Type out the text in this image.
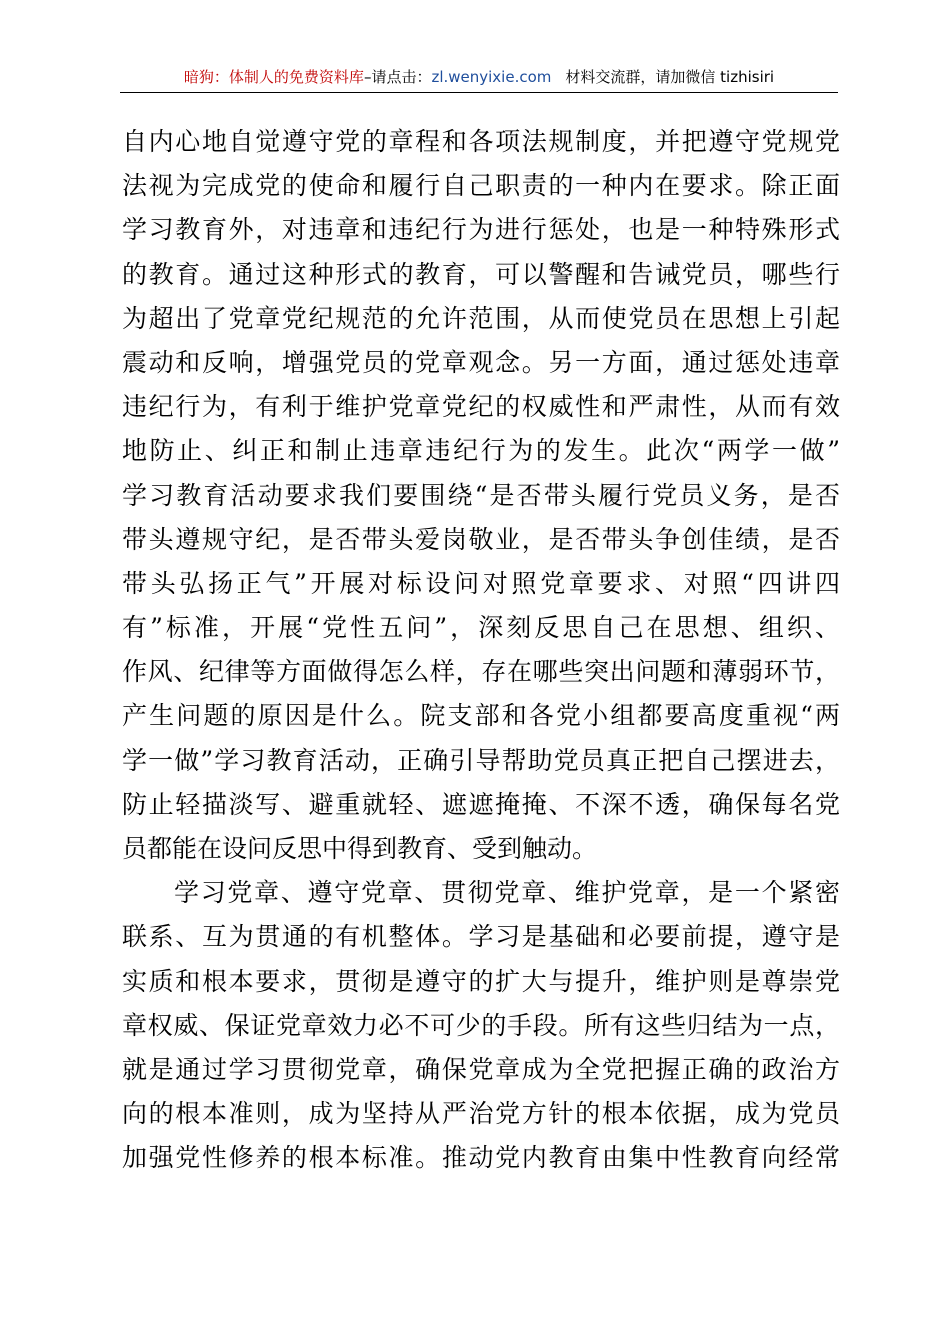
暗狗：体制人的免费资料库–请点击：zl.wenyixie.com 材料交流群，请加微信 tizhisiri
自内心地自觉遵守党的章程和各项法规制度，并把遵守党规党
法视为完成党的使命和履行自己职责的一种内在要求。除正面
学习教育外，对违章和违纪行为进行惩处，也是一种特殊形式
的教育。通过这种形式的教育，可以警醒和告诫党员，哪些行
为超出了党章党纪规范的允许范围，从而使党员在思想上引起
震动和反响，增强党员的党章观念。另一方面，通过惩处违章
违纪行为，有利于维护党章党纪的权威性和严肃性，从而有效
地防止、纠正和制止违章违纪行为的发生。此次“两学一做”
学习教育活动要求我们要围绕“是否带头履行党员义务，是否
带头遵规守纪，是否带头爱岗敬业，是否带头争创佳绩，是否
带头弘扬正气”开展对标设问对照党章要求、对照“四讲四
有”标准，开展“党性五问”，深刻反思自己在思想、组织、
作风、纪律等方面做得怎么样，存在哪些突出问题和薄弱环节，
产生问题的原因是什么。院支部和各党小组都要高度重视“两
学一做”学习教育活动，正确引导帮助党员真正把自己摆进去，
防止轻描淡写、避重就轻、遮遮掩掩、不深不透，确保每名党
员都能在设问反思中得到教育、受到触动。
学习党章、遵守党章、贯彻党章、维护党章，是一个紧密
联系、互为贯通的有机整体。学习是基础和必要前提，遵守是
实质和根本要求，贯彻是遵守的扩大与提升，维护则是尊崇党
章权威、保证党章效力必不可少的手段。所有这些归结为一点，
就是通过学习贯彻党章，确保党章成为全党把握正确的政治方
向的根本准则，成为坚持从严治党方针的根本依据，成为党员
加强党性修养的根本标准。推动党内教育由集中性教育向经常
